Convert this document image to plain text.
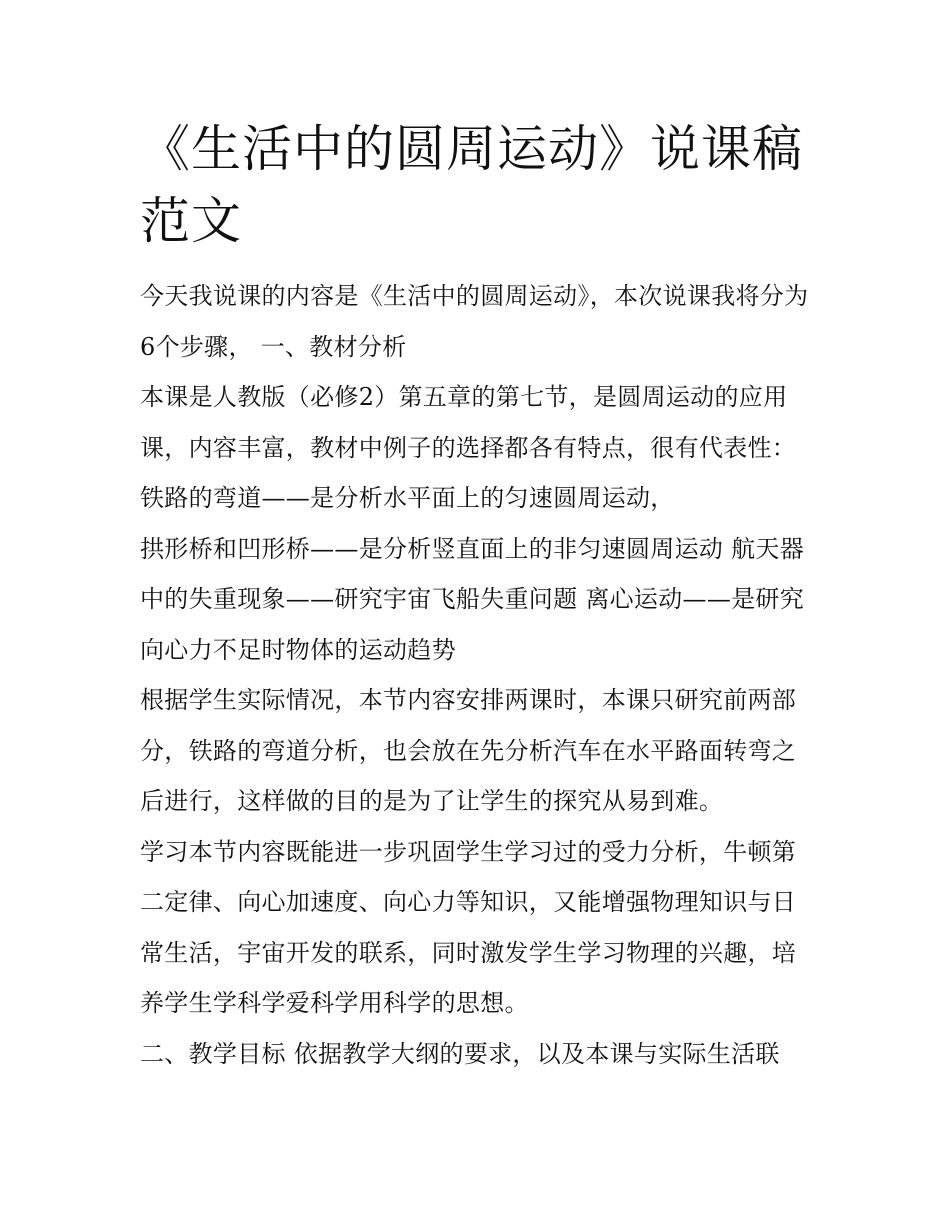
《生活中的圆周运动》说课稿范文

今天我说课的内容是《生活中的圆周运动》，本次说课我将分为6个步骤， 一、教材分析

本课是人教版（必修2）第五章的第七节，是圆周运动的应用课，内容丰富，教材中例子的选择都各有特点，很有代表性：

铁路的弯道——是分析水平面上的匀速圆周运动，

拱形桥和凹形桥——是分析竖直面上的非匀速圆周运动 航天器中的失重现象——研究宇宙飞船失重问题 离心运动——是研究向心力不足时物体的运动趋势

根据学生实际情况，本节内容安排两课时，本课只研究前两部分，铁路的弯道分析，也会放在先分析汽车在水平路面转弯之后进行，这样做的目的是为了让学生的探究从易到难。

学习本节内容既能进一步巩固学生学习过的受力分析，牛顿第二定律、向心加速度、向心力等知识，又能增强物理知识与日常生活，宇宙开发的联系，同时激发学生学习物理的兴趣，培养学生学科学爱科学用科学的思想。

二、教学目标 依据教学大纲的要求，以及本课与实际生活联
